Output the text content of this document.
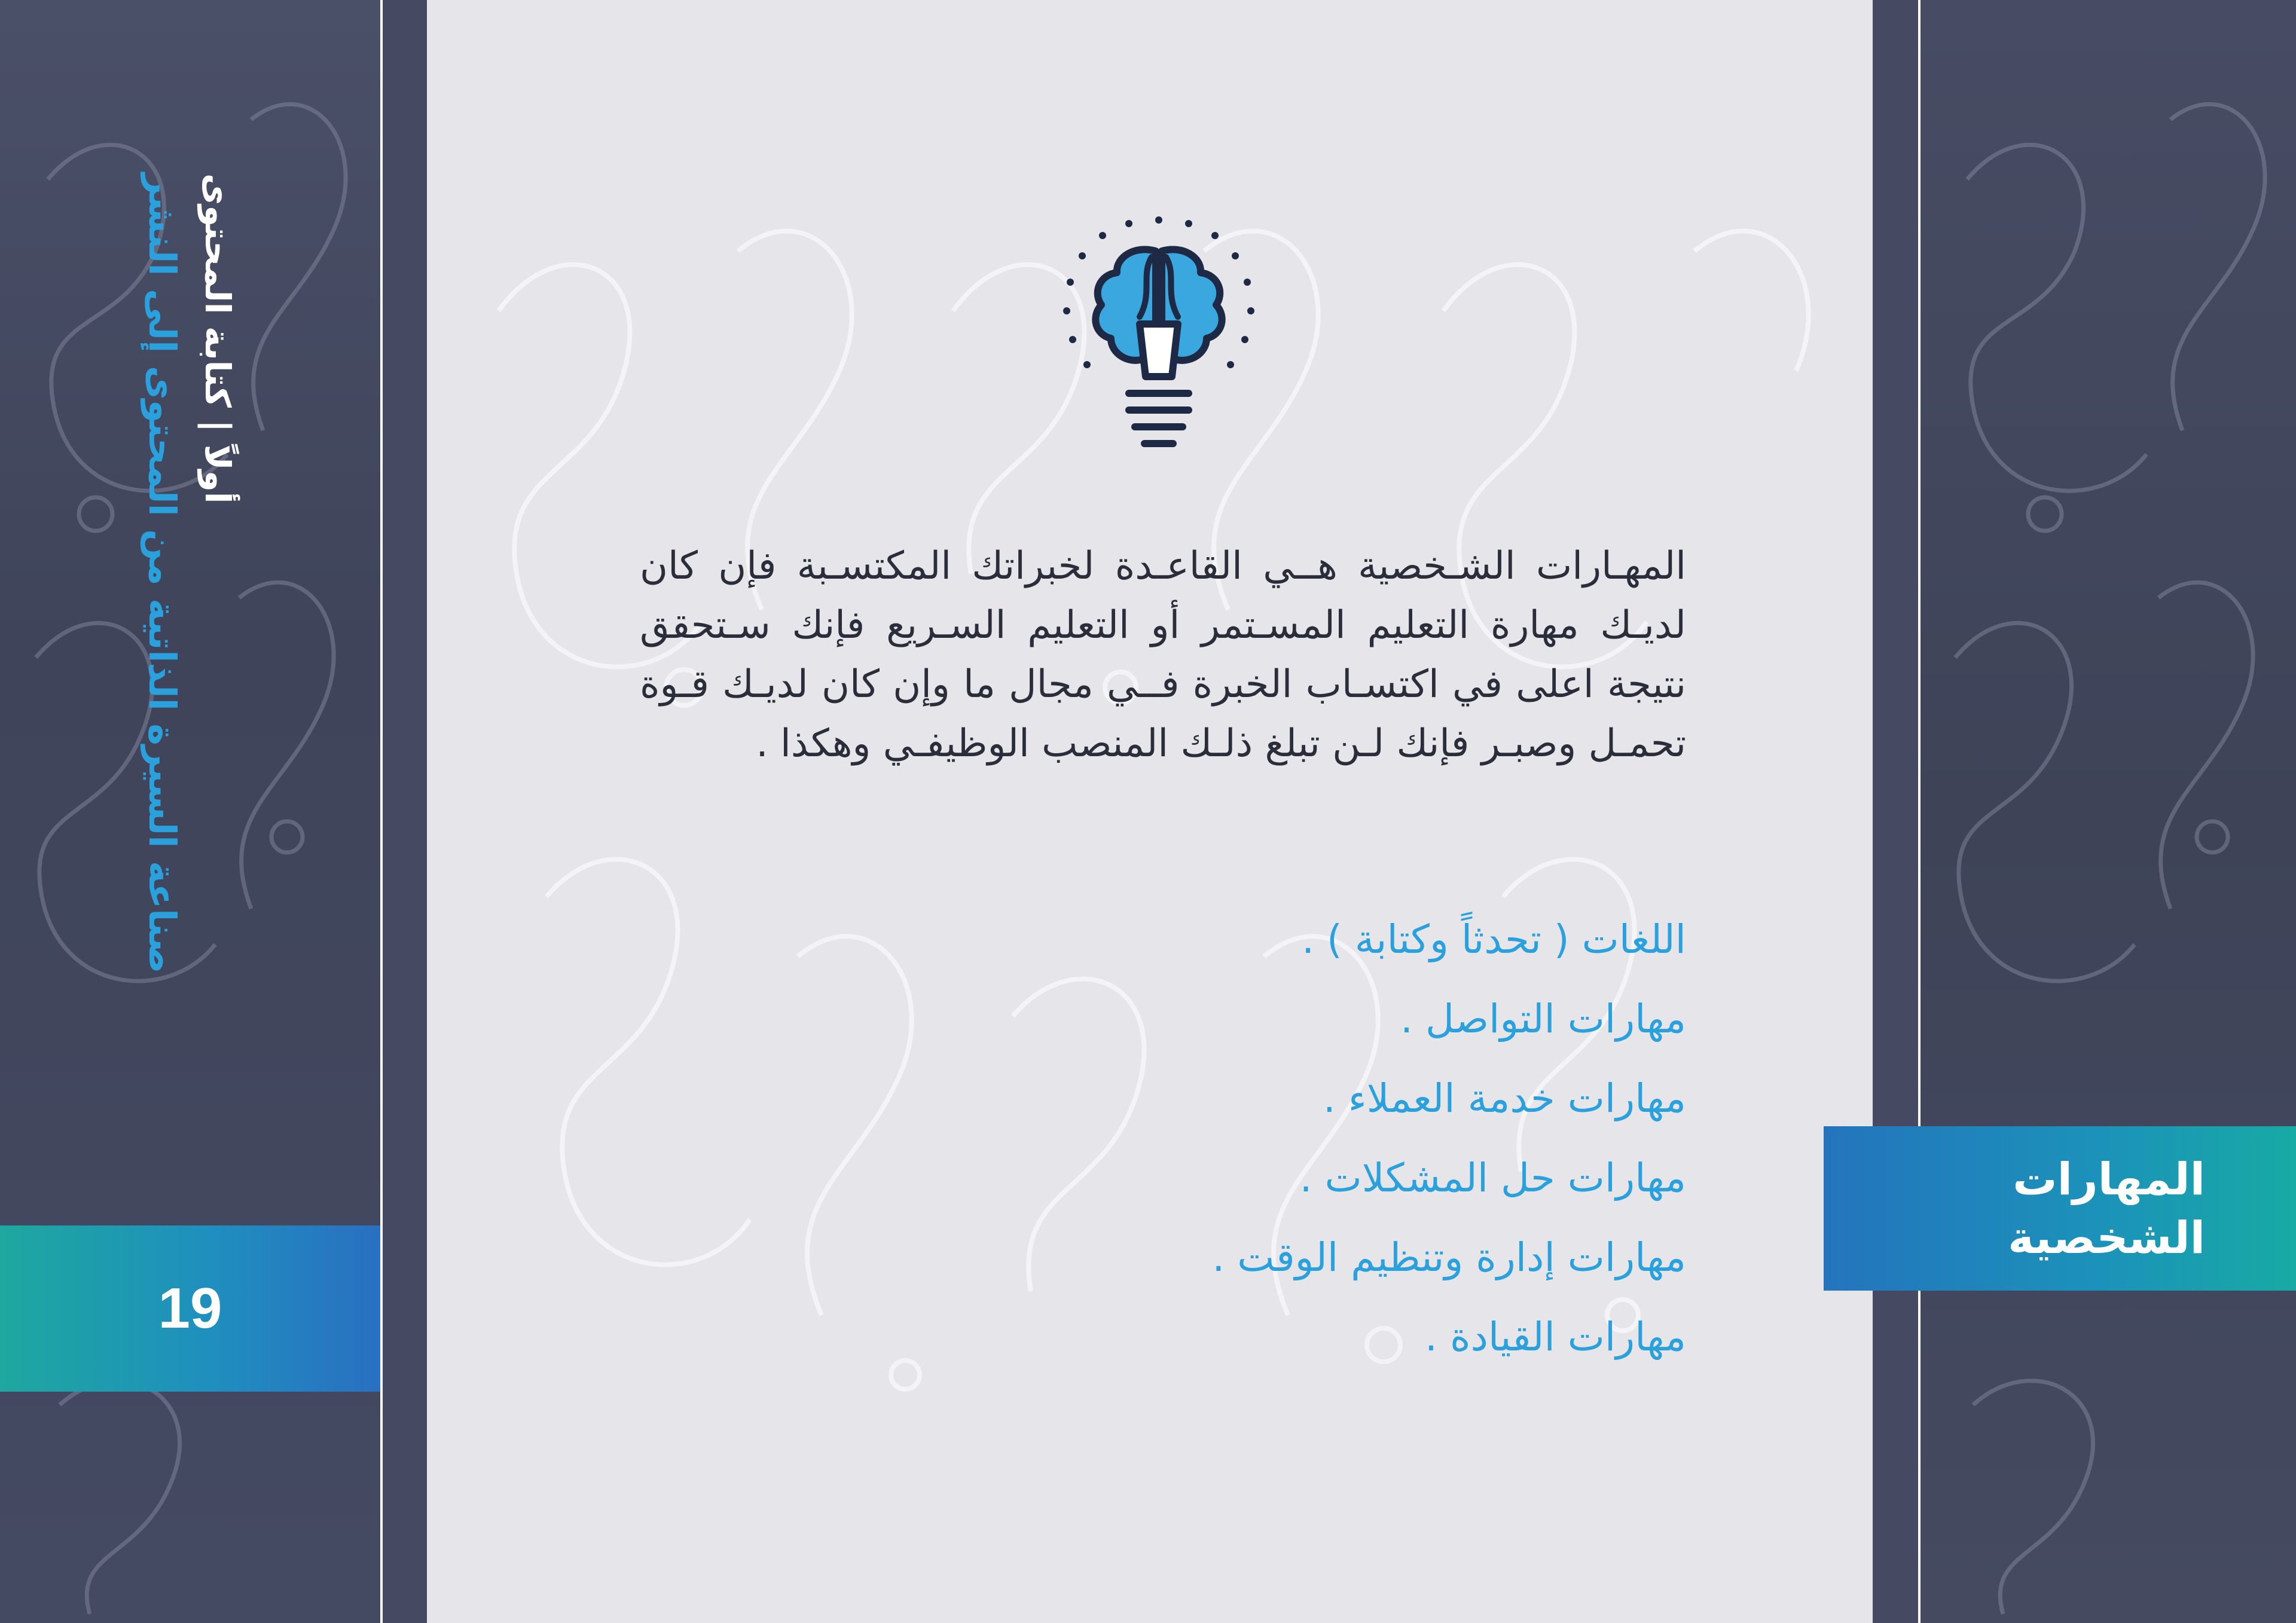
صناعة السيرة الذاتية من المحتوى إلى النشر أولاً | كتابة المحتوى
19
المهارات
الشخصية
المهـارات الشـخصية هــي القاعـدة لخبراتك المكتسـبة فإن كان لديـك مهارة التعليم المسـتمر أو التعليم السـريع فإنك سـتحقق نتيجة اعلى في اكتسـاب الخبرة فــي مجال ما وإن كان لديـك قـوة تحمـل وصبـر فإنك لـن تبلغ ذلـك المنصب الوظيفـي وهكذا .
اللغات ( تحدثاً وكتابة ) .
مهارات التواصل .
مهارات خدمة العملاء .
مهارات حل المشكلات .
مهارات إدارة وتنظيم الوقت .
مهارات القيادة .
